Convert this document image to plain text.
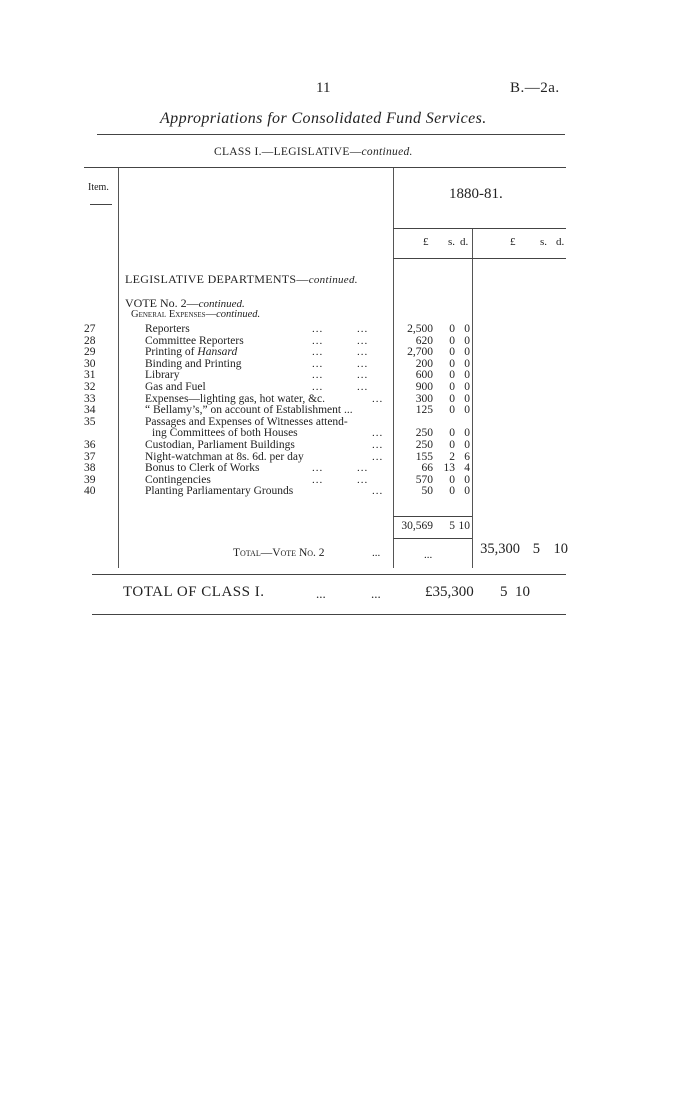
11	B.—2a.
Appropriations for Consolidated Fund Services.
CLASS I.—LEGISLATIVE—continued.
Item.	1880-81.
£ s. d.	£ s. d.
LEGISLATIVE DEPARTMENTS—continued.
VOTE No. 2—continued.
General Expenses—continued.
27	Reporters	...         ...	2,500	0 0
28	Committee Reporters	...         ...	620	0 0
29	Printing of Hansard	...         ...	2,700	0 0
30	Binding and Printing	...         ...	200	0 0
31	Library	...         ...	600	0 0
32	Gas and Fuel	...         ...	900	0 0
33	Expenses—lighting gas, hot water, &c.	...	300	0 0
34	“ Bellamy’s,” on account of Establishment ...	125	0 0
35	Passages and Expenses of Witnesses attend-
ing Committees of both Houses	...	250	0 0
36	Custodian, Parliament Buildings	...	250	0 0
37	Night-watchman at 8s. 6d. per day	...	155	2 6
38	Bonus to Clerk of Works	...         ...	66 13 4
39	Contingencies	...         ...	570	0 0
40	Planting Parliamentary Grounds	...	50	0 0
30,569	5 10
Total—Vote No. 2	...	...	35,300 5 10
TOTAL OF CLASS I.	...	...	£35,300 5 10
